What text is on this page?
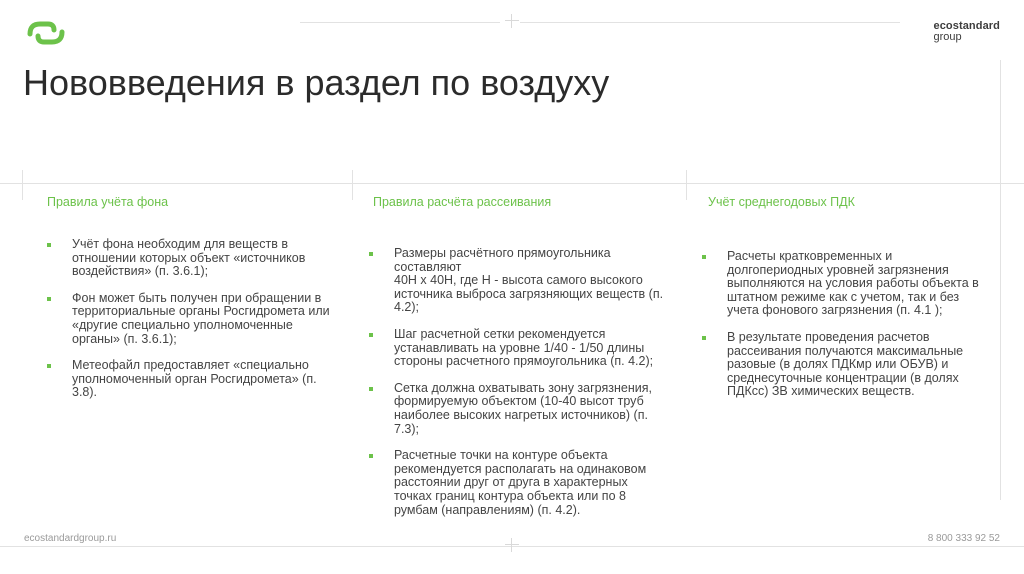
ecostandard
group
Нововведения в раздел по воздуху
Правила учёта фона
Учёт фона необходим для веществ в отношении которых объект «источников воздействия» (п. 3.6.1);
Фон может быть получен при обращении в территориальные органы Росгидромета или «другие специально уполномоченные органы» (п. 3.6.1);
Метеофайл предоставляет «специально уполномоченный орган Росгидромета» (п. 3.8).
Правила расчёта рассеивания
Размеры расчётного прямоугольника составляют
40H x 40H, где H - высота самого высокого источника выброса загрязняющих веществ (п. 4.2);
Шаг расчетной сетки рекомендуется устанавливать на уровне 1/40 - 1/50 длины стороны расчетного прямоугольника (п. 4.2);
Сетка должна охватывать зону загрязнения, формируемую объектом (10-40 высот труб наиболее высоких нагретых источников) (п. 7.3);
Расчетные точки на контуре объекта рекомендуется располагать на одинаковом расстоянии друг от друга в характерных точках границ контура объекта или по 8 румбам (направлениям) (п. 4.2).
Учёт среднегодовых ПДК
Расчеты кратковременных и долгопериодных уровней загрязнения выполняются на условия работы объекта в штатном режиме как с учетом, так и без учета фонового загрязнения (п. 4.1 );
В результате проведения расчетов рассеивания получаются максимальные разовые (в долях ПДКмр или ОБУВ) и среднесуточные концентрации (в долях ПДКсс) ЗВ химических веществ.
ecostandardgroup.ru	8 800 333 92 52
